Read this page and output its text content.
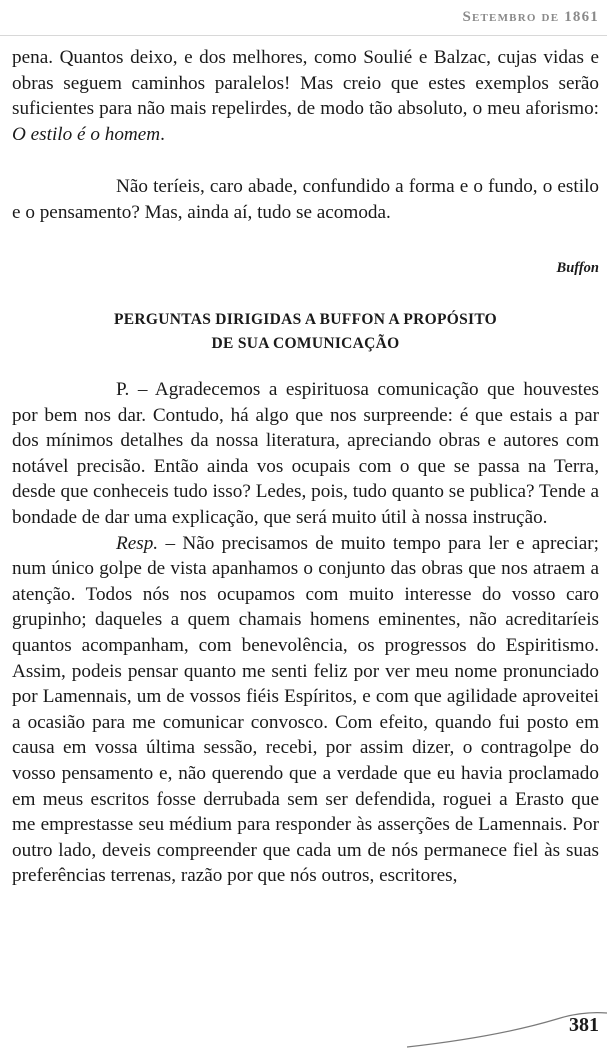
Setembro de 1861

pena. Quantos deixo, e dos melhores, como Soulié e Balzac, cujas vidas e obras seguem caminhos paralelos! Mas creio que estes exemplos serão suficientes para não mais repelirdes, de modo tão absoluto, o meu aforismo: O estilo é o homem.

Não teríeis, caro abade, confundido a forma e o fundo, o estilo e o pensamento? Mas, ainda aí, tudo se acomoda.

Buffon
PERGUNTAS DIRIGIDAS A BUFFON A PROPÓSITO
DE SUA COMUNICAÇÃO

P. – Agradecemos a espirituosa comunicação que houvestes por bem nos dar. Contudo, há algo que nos surpreende: é que estais a par dos mínimos detalhes da nossa literatura, apreciando obras e autores com notável precisão. Então ainda vos ocupais com o que se passa na Terra, desde que conheceis tudo isso? Ledes, pois, tudo quanto se publica? Tende a bondade de dar uma explicação, que será muito útil à nossa instrução.

Resp. – Não precisamos de muito tempo para ler e apreciar; num único golpe de vista apanhamos o conjunto das obras que nos atraem a atenção. Todos nós nos ocupamos com muito interesse do vosso caro grupinho; daqueles a quem chamais homens eminentes, não acreditaríeis quantos acompanham, com benevolência, os progressos do Espiritismo. Assim, podeis pensar quanto me senti feliz por ver meu nome pronunciado por Lamennais, um de vossos fiéis Espíritos, e com que agilidade aproveitei a ocasião para me comunicar convosco. Com efeito, quando fui posto em causa em vossa última sessão, recebi, por assim dizer, o contragolpe do vosso pensamento e, não querendo que a verdade que eu havia proclamado em meus escritos fosse derrubada sem ser defendida, roguei a Erasto que me emprestasse seu médium para responder às asserções de Lamennais. Por outro lado, deveis compreender que cada um de nós permanece fiel às suas preferências terrenas, razão por que nós outros, escritores,

381
